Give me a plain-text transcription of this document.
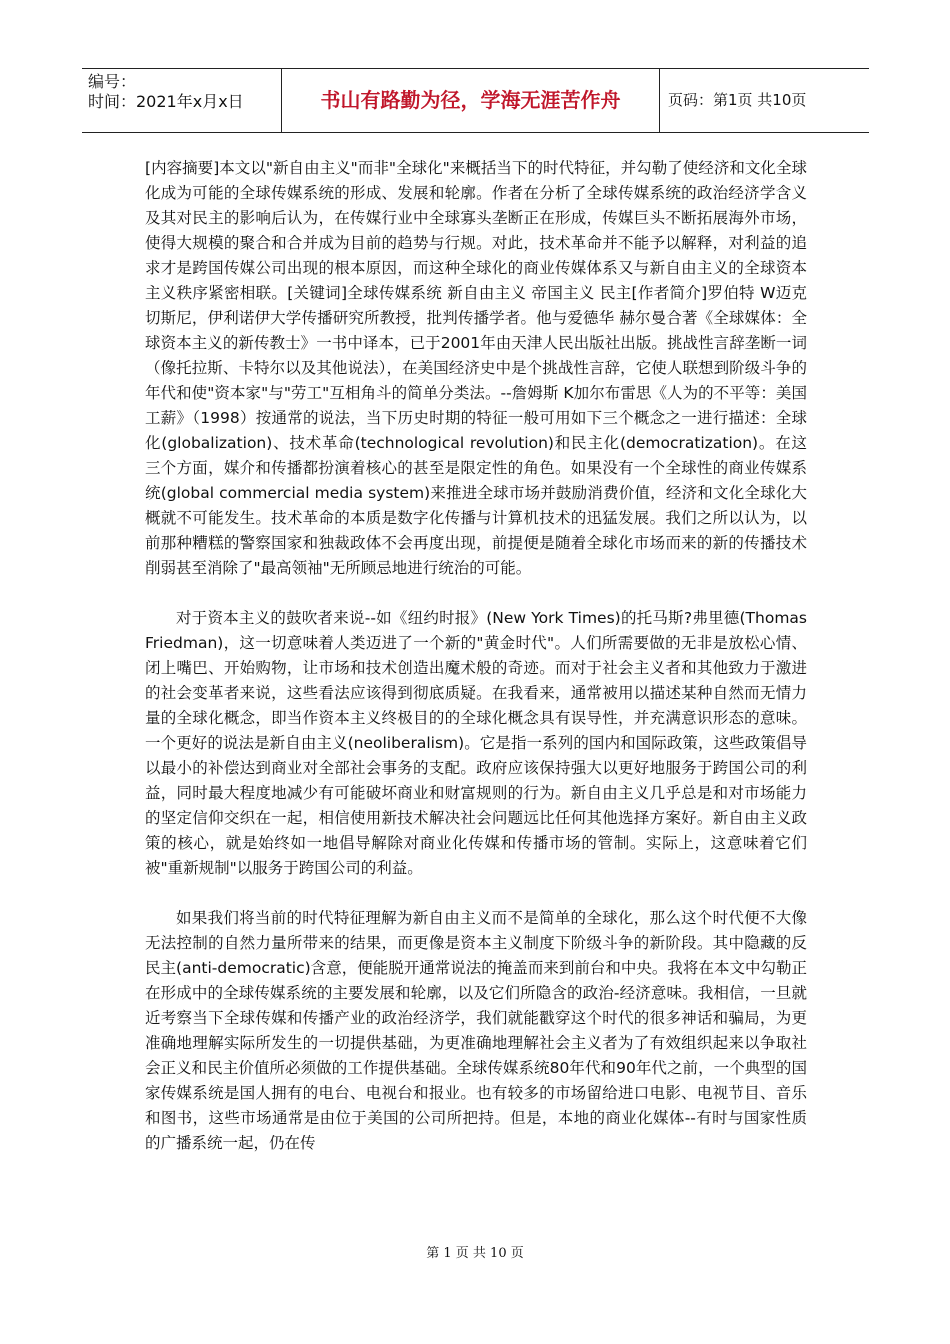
编号：
时间：2021年x月x日	书山有路勤为径，学海无涯苦作舟	页码：第1页 共10页

[内容摘要]本文以"新自由主义"而非"全球化"来概括当下的时代特征，并勾勒了使经济和文化全球化成为可能的全球传媒系统的形成、发展和轮廓。作者在分析了全球传媒系统的政治经济学含义及其对民主的影响后认为，在传媒行业中全球寡头垄断正在形成，传媒巨头不断拓展海外市场，使得大规模的聚合和合并成为目前的趋势与行规。对此，技术革命并不能予以解释，对利益的追求才是跨国传媒公司出现的根本原因，而这种全球化的商业传媒体系又与新自由主义的全球资本主义秩序紧密相联。[关键词]全球传媒系统 新自由主义 帝国主义 民主[作者简介]罗伯特 W迈克切斯尼，伊利诺伊大学传播研究所教授，批判传播学者。他与爱德华 赫尔曼合著《全球媒体：全球资本主义的新传教士》一书中译本，已于2001年由天津人民出版社出版。挑战性言辞垄断一词（像托拉斯、卡特尔以及其他说法），在美国经济史中是个挑战性言辞，它使人联想到阶级斗争的年代和使"资本家"与"劳工"互相角斗的简单分类法。--詹姆斯 K加尔布雷思《人为的不平等：美国工薪》（1998）按通常的说法，当下历史时期的特征一般可用如下三个概念之一进行描述：全球化(globalization)、技术革命(technological revolution)和民主化(democratization)。在这三个方面，媒介和传播都扮演着核心的甚至是限定性的角色。如果没有一个全球性的商业传媒系统(global commercial media system)来推进全球市场并鼓励消费价值，经济和文化全球化大概就不可能发生。技术革命的本质是数字化传播与计算机技术的迅猛发展。我们之所以认为，以前那种糟糕的警察国家和独裁政体不会再度出现，前提便是随着全球化市场而来的新的传播技术削弱甚至消除了"最高领袖"无所顾忌地进行统治的可能。

对于资本主义的鼓吹者来说--如《纽约时报》(New York Times)的托马斯?弗里德(Thomas Friedman)，这一切意味着人类迈进了一个新的"黄金时代"。人们所需要做的无非是放松心情、闭上嘴巴、开始购物，让市场和技术创造出魔术般的奇迹。而对于社会主义者和其他致力于激进的社会变革者来说，这些看法应该得到彻底质疑。在我看来，通常被用以描述某种自然而无情力量的全球化概念，即当作资本主义终极目的的全球化概念具有误导性，并充满意识形态的意味。一个更好的说法是新自由主义(neoliberalism)。它是指一系列的国内和国际政策，这些政策倡导以最小的补偿达到商业对全部社会事务的支配。政府应该保持强大以更好地服务于跨国公司的利益，同时最大程度地减少有可能破坏商业和财富规则的行为。新自由主义几乎总是和对市场能力的坚定信仰交织在一起，相信使用新技术解决社会问题远比任何其他选择方案好。新自由主义政策的核心，就是始终如一地倡导解除对商业化传媒和传播市场的管制。实际上，这意味着它们被"重新规制"以服务于跨国公司的利益。

如果我们将当前的时代特征理解为新自由主义而不是简单的全球化，那么这个时代便不大像无法控制的自然力量所带来的结果，而更像是资本主义制度下阶级斗争的新阶段。其中隐藏的反民主(anti-democratic)含意，便能脱开通常说法的掩盖而来到前台和中央。我将在本文中勾勒正在形成中的全球传媒系统的主要发展和轮廓，以及它们所隐含的政治-经济意味。我相信，一旦就近考察当下全球传媒和传播产业的政治经济学，我们就能戳穿这个时代的很多神话和骗局，为更准确地理解实际所发生的一切提供基础，为更准确地理解社会主义者为了有效组织起来以争取社会正义和民主价值所必须做的工作提供基础。全球传媒系统80年代和90年代之前，一个典型的国家传媒系统是国人拥有的电台、电视台和报业。也有较多的市场留给进口电影、电视节目、音乐和图书，这些市场通常是由位于美国的公司所把持。但是，本地的商业化媒体--有时与国家性质的广播系统一起，仍在传

第 1 页 共 10 页
